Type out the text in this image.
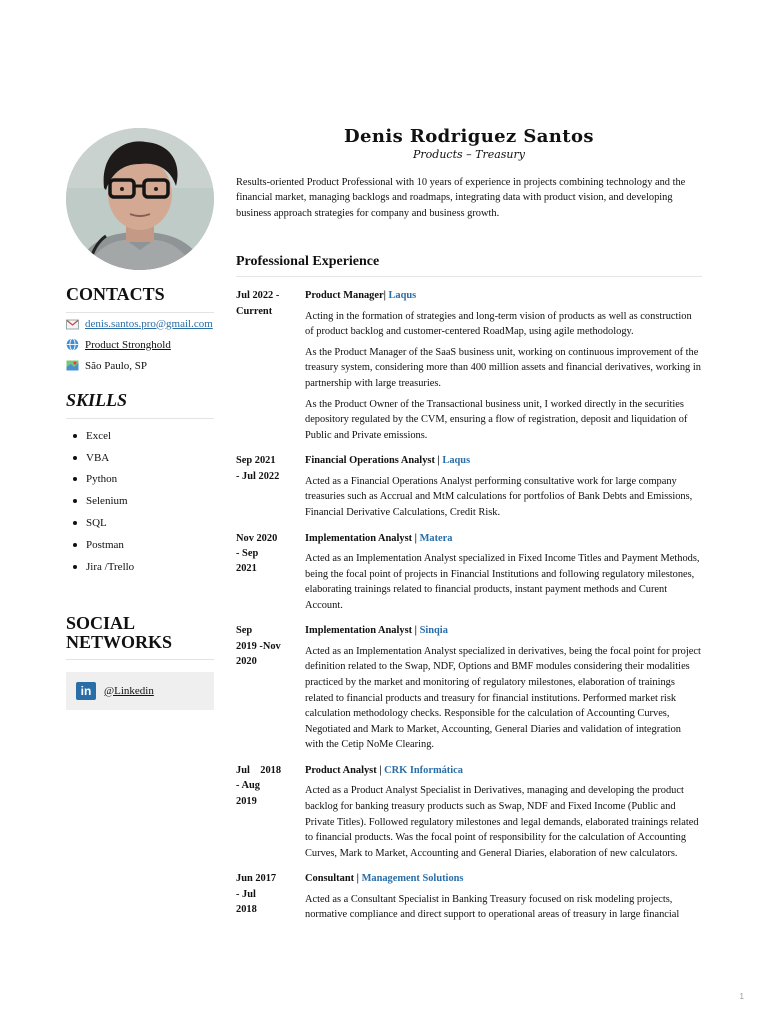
CONTACTS
denis.santos.pro@gmail.com
Product Stronghold
São Paulo, SP
SKILLS
Excel
VBA
Python
Selenium
SQL
Postman
Jira /Trello
SOCIAL
NETWORKS
in	@Linkedin
Denis Rodriguez Santos
Products – Treasury
Results-oriented Product Professional with 10 years of experience in projects combining technology and the financial market, managing backlogs and roadmaps, integrating data with product vision, and developing business approach strategies for company and business growth.
Professional Experience
Jul 2022 -
Current
Product Manager| Laqus

Acting in the formation of strategies and long-term vision of products as well as construction of product backlog and customer-centered RoadMap, using agile methodology.

As the Product Manager of the SaaS business unit, working on continuous improvement of the treasury system, considering more than 400 million assets and financial derivatives, working in partnership with large treasuries.

As the Product Owner of the Transactional business unit, I worked directly in the securities depository regulated by the CVM, ensuring a flow of registration, deposit and liquidation of Public and Private emissions.

Sep 2021
- Jul 2022
Financial Operations Analyst | Laqus

Acted as a Financial Operations Analyst performing consultative work for large company treasuries such as Accrual and MtM calculations for portfolios of Bank Debts and Emissions, Financial Derivative Calculations, Credit Risk.

Nov 2020
- Sep
2021
Implementation Analyst | Matera

Acted as an Implementation Analyst specialized in Fixed Income Titles and Payment Methods, being the focal point of projects in Financial Institutions and following regulatory milestones, elaborating trainings related to financial products, instant payment methods and Curent Account.

Sep
2019 -Nov
2020
Implementation Analyst | Sinqia

Acted as an Implementation Analyst specialized in derivatives, being the focal point for project definition related to the Swap, NDF, Options and BMF modules considering their modalities practiced by the market and monitoring of regulatory milestones, elaboration of trainings related to financial products and treasury for financial institutions. Performed market risk calculation methodology checks. Responsible for the calculation of Accounting Curves, Negotiated and Mark to Market, Accounting, General Diaries and validation of integration with the Cetip NoMe Clearing.

Jul    2018
- Aug
2019
Product Analyst | CRK Informática

Acted as a Product Analyst Specialist in Derivatives, managing and developing the product backlog for banking treasury products such as Swap, NDF and Fixed Income (Public and Private Titles). Followed regulatory milestones and legal demands, elaborated trainings related to financial products. Was the focal point of responsibility for the calculation of Accounting Curves, Mark to Market, Accounting and General Diaries, elaboration of new calculators.

Jun 2017
- Jul
2018
Consultant | Management Solutions

Acted as a Consultant Specialist in Banking Treasury focused on risk modeling projects, normative compliance and direct support to operational areas of treasury in large financial

1
